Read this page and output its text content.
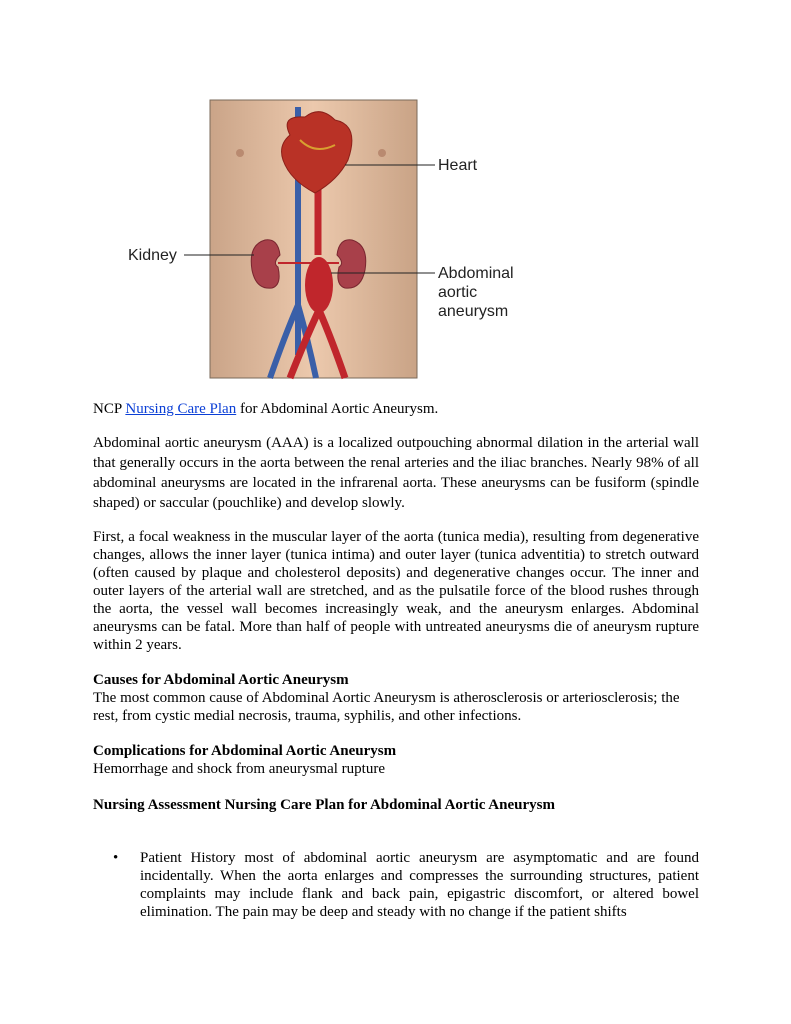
Heart
Kidney
Abdominal
aortic
aneurysm
NCP Nursing Care Plan for Abdominal Aortic Aneurysm.
Abdominal aortic aneurysm (AAA) is a localized outpouching abnormal dilation in the arterial wall that generally occurs in the aorta between the renal arteries and the iliac branches. Nearly 98% of all abdominal aneurysms are located in the infrarenal aorta. These aneurysms can be fusiform (spindle shaped) or saccular (pouchlike) and develop slowly.
First, a focal weakness in the muscular layer of the aorta (tunica media), resulting from degenerative changes, allows the inner layer (tunica intima) and outer layer (tunica adventitia) to stretch outward (often caused by plaque and cholesterol deposits) and degenerative changes occur. The inner and outer layers of the arterial wall are stretched, and as the pulsatile force of the blood rushes through the aorta, the vessel wall becomes increasingly weak, and the aneurysm enlarges. Abdominal aneurysms can be fatal. More than half of people with untreated aneurysms die of aneurysm rupture within 2 years.
Causes for Abdominal Aortic Aneurysm
The most common cause of Abdominal Aortic Aneurysm is atherosclerosis or arteriosclerosis; the rest, from cystic medial necrosis, trauma, syphilis, and other infections.
Complications for Abdominal Aortic Aneurysm
Hemorrhage and shock from aneurysmal rupture
Nursing Assessment Nursing Care Plan for Abdominal Aortic Aneurysm
• Patient History most of abdominal aortic aneurysm are asymptomatic and are found incidentally. When the aorta enlarges and compresses the surrounding structures, patient complaints may include flank and back pain, epigastric discomfort, or altered bowel elimination. The pain may be deep and steady with no change if the patient shifts
